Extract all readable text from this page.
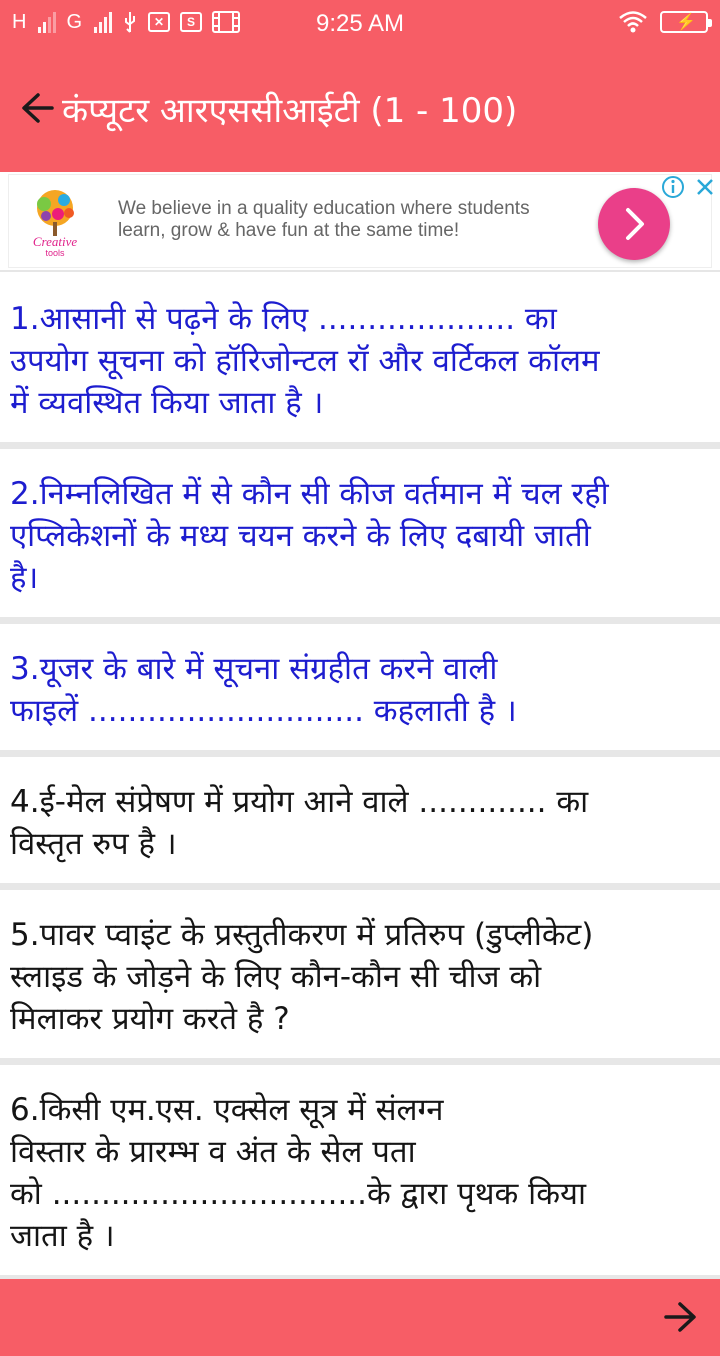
H G	✕	S	9:25 AM	⚡
कंप्यूटर आरएससीआईटी (1 - 100)
Creative
tools
We believe in a quality education where students learn, grow & have fun at the same time!
1.आसानी से पढ़ने के लिए .................... का
उपयोग सूचना को हॉरिजोन्टल रॉ और वर्टिकल कॉलम
में व्यवस्थित किया जाता है ।
2.निम्नलिखित में से कौन सी कीज वर्तमान में चल रही
एप्लिकेशनों के मध्य चयन करने के लिए दबायी जाती
है।
3.यूजर के बारे में सूचना संग्रहीत करने वाली
फाइलें ............................ कहलाती है ।
4.ई-मेल संप्रेषण में प्रयोग आने वाले ............. का
विस्तृत रुप है ।
5.पावर प्वाइंट के प्रस्तुतीकरण में प्रतिरुप (डुप्लीकेट)
स्लाइड के जोड़ने के लिए कौन-कौन सी चीज को
मिलाकर प्रयोग करते है ?
6.किसी एम.एस. एक्सेल सूत्र में संलग्न
विस्तार के प्रारम्भ व अंत के सेल पता
को ................................के द्वारा पृथक किया
जाता है ।
